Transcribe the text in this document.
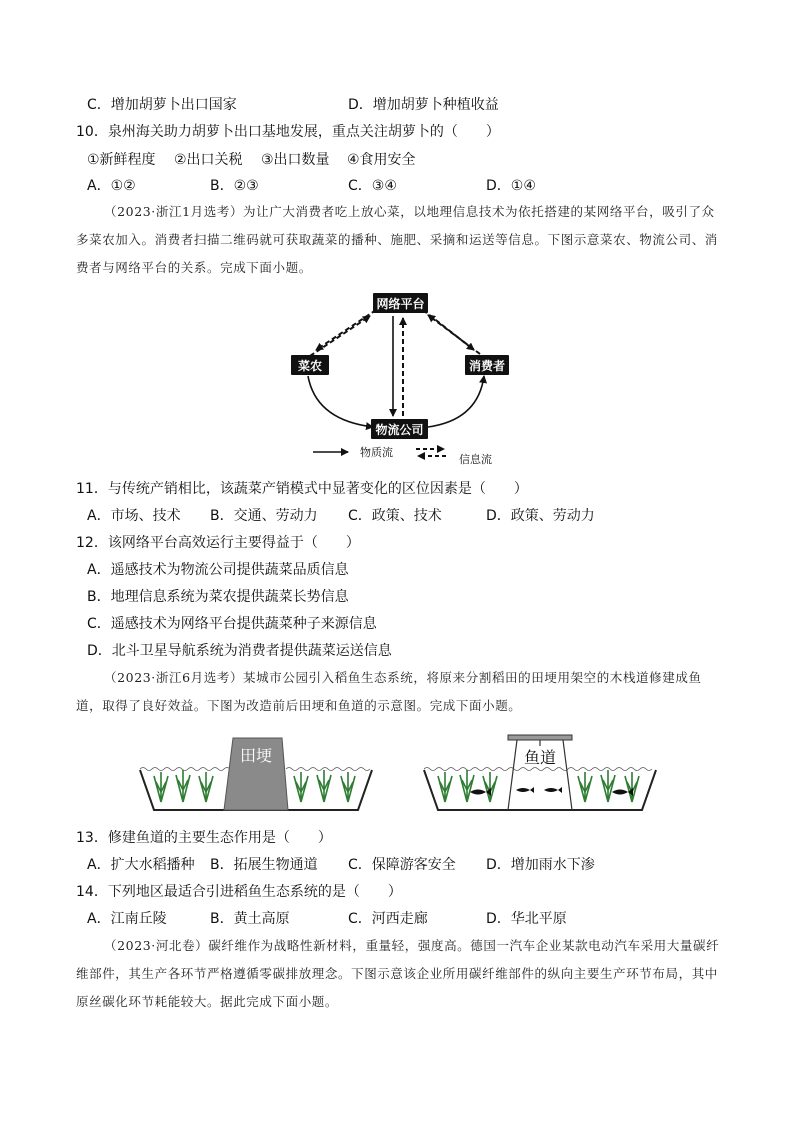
C．增加胡萝卜出口国家	D．增加胡萝卜种植收益
10．泉州海关助力胡萝卜出口基地发展，重点关注胡萝卜的（　　）
①新鲜程度 ②出口关税 ③出口数量 ④食用安全
A．①②	B．②③	C．③④	D．①④
（2023·浙江1月选考）为让广大消费者吃上放心菜，以地理信息技术为依托搭建的某网络平台，吸引了众多菜农加入。消费者扫描二维码就可获取蔬菜的播种、施肥、采摘和运送等信息。下图示意菜农、物流公司、消费者与网络平台的关系。完成下面小题。
网络平台
菜农	消费者
物流公司
物质流
信息流
11．与传统产销相比，该蔬菜产销模式中显著变化的区位因素是（　　）
A．市场、技术 B．交通、劳动力 C．政策、技术	D．政策、劳动力
12．该网络平台高效运行主要得益于（　　）
A．遥感技术为物流公司提供蔬菜品质信息
B．地理信息系统为菜农提供蔬菜长势信息
C．遥感技术为网络平台提供蔬菜种子来源信息
D．北斗卫星导航系统为消费者提供蔬菜运送信息
（2023·浙江6月选考）某城市公园引入稻鱼生态系统，将原来分割稻田的田埂用架空的木栈道修建成鱼道，取得了良好效益。下图为改造前后田埂和鱼道的示意图。完成下面小题。
田埂	鱼道
13．修建鱼道的主要生态作用是（　　）
A．扩大水稻播种 B．拓展生物通道 C．保障游客安全 D．增加雨水下渗
14．下列地区最适合引进稻鱼生态系统的是（　　）
A．江南丘陵	B．黄土高原	C．河西走廊	D．华北平原
（2023·河北卷）碳纤维作为战略性新材料，重量轻，强度高。德国一汽车企业某款电动汽车采用大量碳纤维部件，其生产各环节严格遵循零碳排放理念。下图示意该企业所用碳纤维部件的纵向主要生产环节布局，其中原丝碳化环节耗能较大。据此完成下面小题。
